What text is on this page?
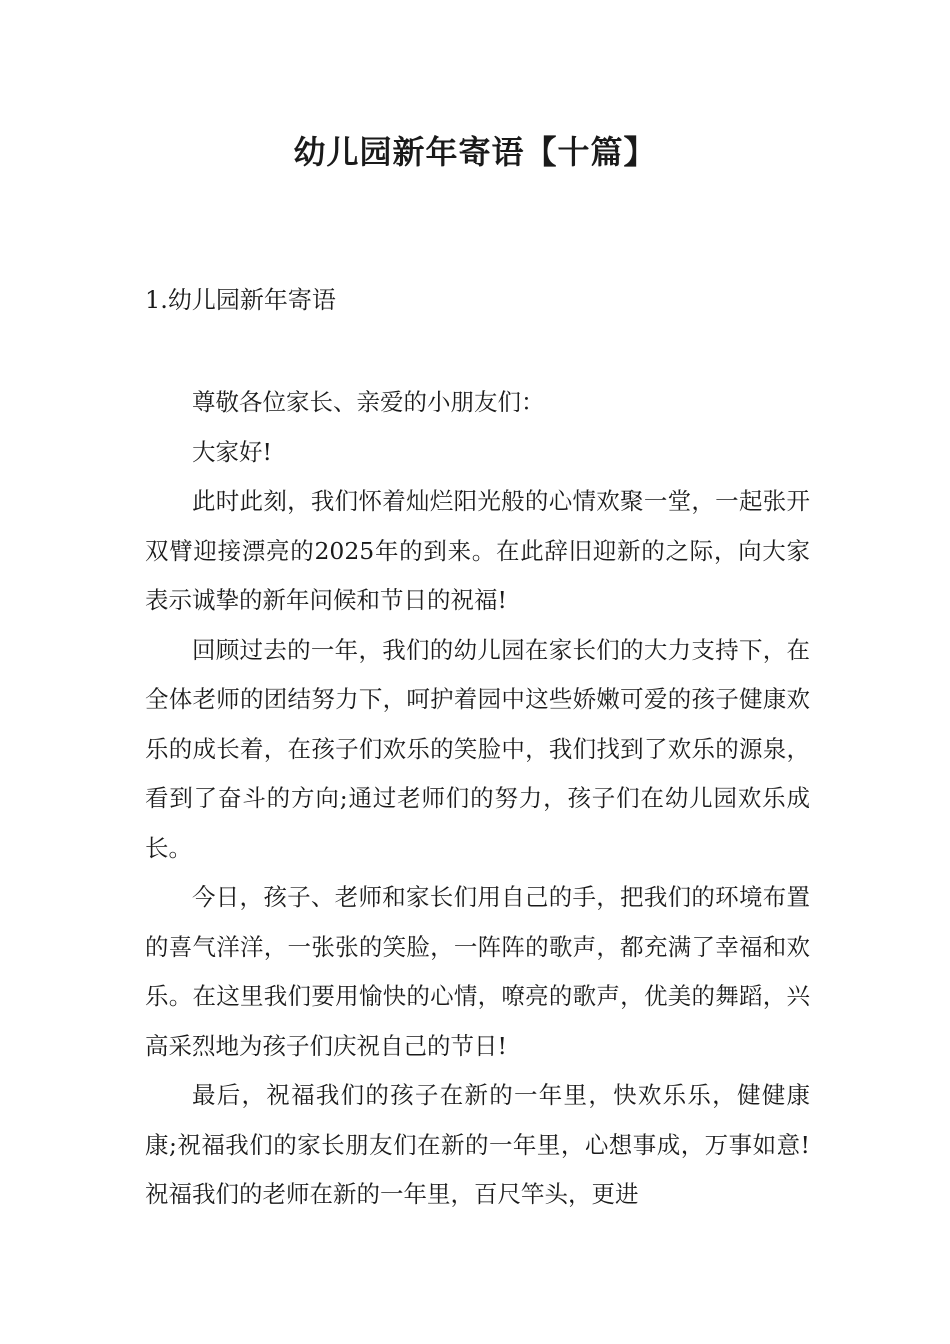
幼儿园新年寄语【十篇】
1.幼儿园新年寄语

尊敬各位家长、亲爱的小朋友们：

大家好!

此时此刻，我们怀着灿烂阳光般的心情欢聚一堂，一起张开双臂迎接漂亮的2025年的到来。在此辞旧迎新的之际，向大家表示诚挚的新年问候和节日的祝福!

回顾过去的一年，我们的幼儿园在家长们的大力支持下，在全体老师的团结努力下，呵护着园中这些娇嫩可爱的孩子健康欢乐的成长着，在孩子们欢乐的笑脸中，我们找到了欢乐的源泉，看到了奋斗的方向;通过老师们的努力，孩子们在幼儿园欢乐成长。

今日，孩子、老师和家长们用自己的手，把我们的环境布置的喜气洋洋，一张张的笑脸，一阵阵的歌声，都充满了幸福和欢乐。在这里我们要用愉快的心情，嘹亮的歌声，优美的舞蹈，兴高采烈地为孩子们庆祝自己的节日!

最后，祝福我们的孩子在新的一年里，快欢乐乐，健健康康;祝福我们的家长朋友们在新的一年里，心想事成，万事如意!祝福我们的老师在新的一年里，百尺竿头，更进
